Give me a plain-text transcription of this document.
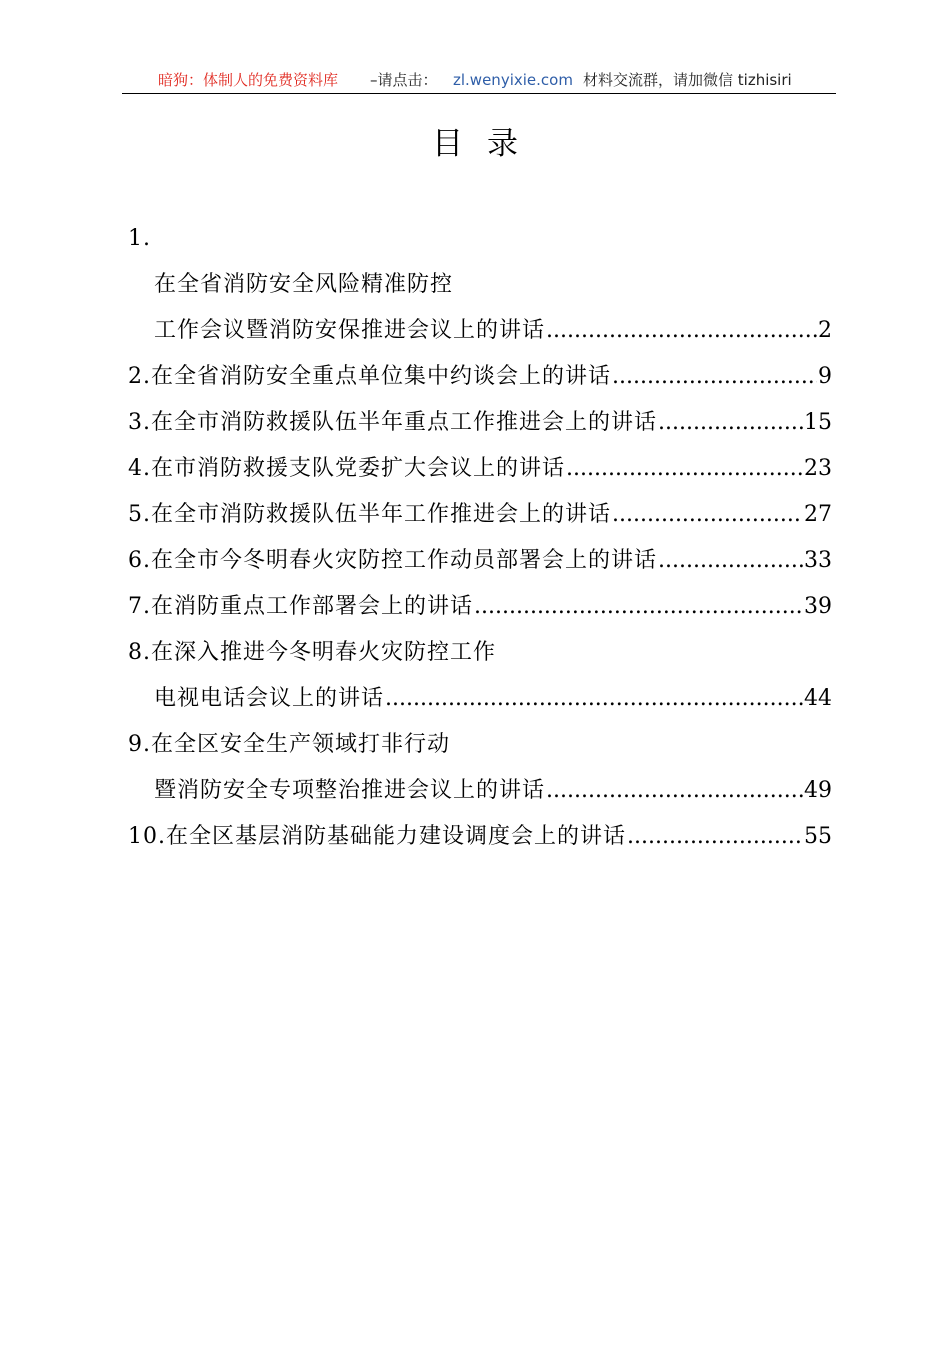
暗狗：体制人的免费资料库 –请点击： zl.wenyixie.com 材料交流群，请加微信 tizhisiri
目录
1.
在全省消防安全风险精准防控
工作会议暨消防安保推进会议上的讲话 .....	2
2.在全省消防安全重点单位集中约谈会上的讲话 .....	9
3.在全市消防救援队伍半年重点工作推进会上的讲话 .....	15
4.在市消防救援支队党委扩大会议上的讲话 .....	23
5.在全市消防救援队伍半年工作推进会上的讲话 .....	27
6.在全市今冬明春火灾防控工作动员部署会上的讲话 .....	33
7.在消防重点工作部署会上的讲话 .....	39
8.在深入推进今冬明春火灾防控工作
电视电话会议上的讲话 .....	44
9.在全区安全生产领域打非行动
暨消防安全专项整治推进会议上的讲话 .....	49
10.在全区基层消防基础能力建设调度会上的讲话 .....	55
